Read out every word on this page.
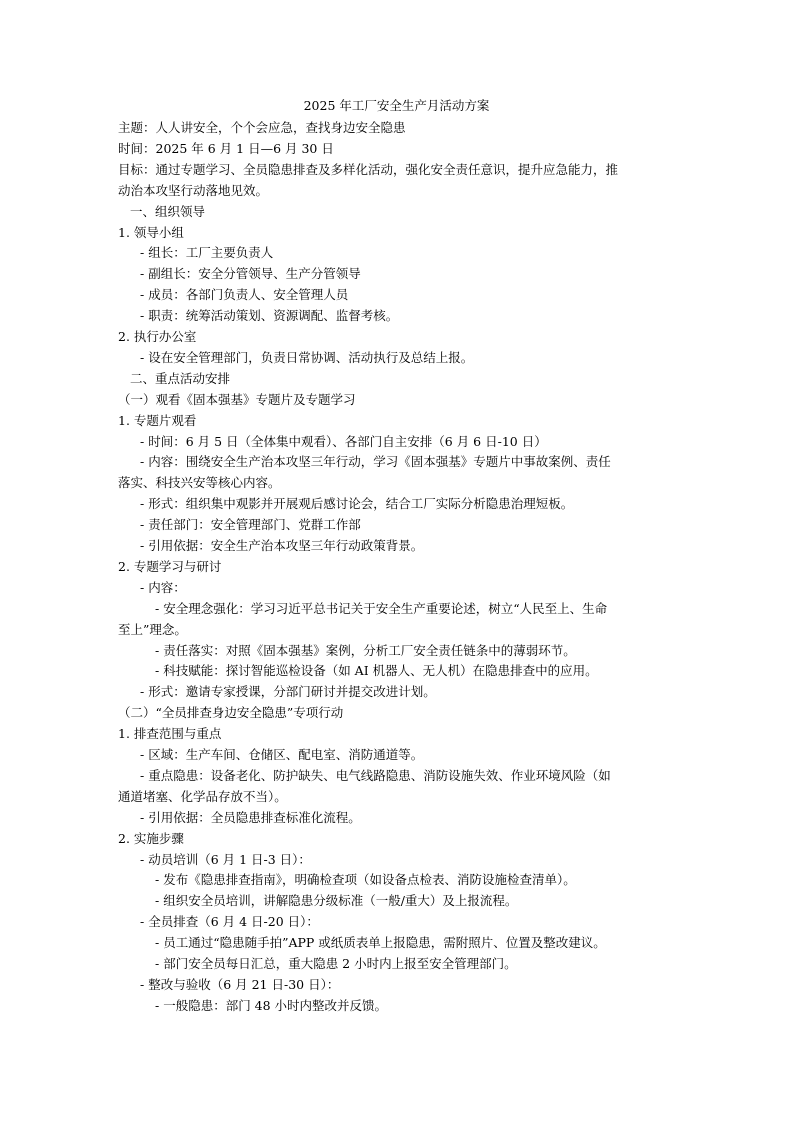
2025 年工厂安全生产月活动方案
主题：人人讲安全，个个会应急，查找身边安全隐患
时间：2025 年 6 月 1 日—6 月 30 日
目标：通过专题学习、全员隐患排查及多样化活动，强化安全责任意识，提升应急能力，推
动治本攻坚行动落地见效。
一、组织领导
1. 领导小组
- 组长：工厂主要负责人
- 副组长：安全分管领导、生产分管领导
- 成员：各部门负责人、安全管理人员
- 职责：统筹活动策划、资源调配、监督考核。
2. 执行办公室
- 设在安全管理部门，负责日常协调、活动执行及总结上报。
二、重点活动安排
（一）观看《固本强基》专题片及专题学习
1. 专题片观看
- 时间：6 月 5 日（全体集中观看）、各部门自主安排（6 月 6 日-10 日）
- 内容：围绕安全生产治本攻坚三年行动，学习《固本强基》专题片中事故案例、责任
落实、科技兴安等核心内容。
- 形式：组织集中观影并开展观后感讨论会，结合工厂实际分析隐患治理短板。
- 责任部门：安全管理部门、党群工作部
- 引用依据：安全生产治本攻坚三年行动政策背景。
2. 专题学习与研讨
- 内容：
- 安全理念强化：学习习近平总书记关于安全生产重要论述，树立“人民至上、生命
至上”理念。
- 责任落实：对照《固本强基》案例，分析工厂安全责任链条中的薄弱环节。
- 科技赋能：探讨智能巡检设备（如 AI 机器人、无人机）在隐患排查中的应用。
- 形式：邀请专家授课，分部门研讨并提交改进计划。
（二）“全员排查身边安全隐患”专项行动
1. 排查范围与重点
- 区域：生产车间、仓储区、配电室、消防通道等。
- 重点隐患：设备老化、防护缺失、电气线路隐患、消防设施失效、作业环境风险（如
通道堵塞、化学品存放不当）。
- 引用依据：全员隐患排查标准化流程。
2. 实施步骤
- 动员培训（6 月 1 日-3 日）：
- 发布《隐患排查指南》，明确检查项（如设备点检表、消防设施检查清单）。
- 组织安全员培训，讲解隐患分级标准（一般/重大）及上报流程。
- 全员排查（6 月 4 日-20 日）：
- 员工通过“隐患随手拍”APP 或纸质表单上报隐患，需附照片、位置及整改建议。
- 部门安全员每日汇总，重大隐患 2 小时内上报至安全管理部门。
- 整改与验收（6 月 21 日-30 日）：
- 一般隐患：部门 48 小时内整改并反馈。
